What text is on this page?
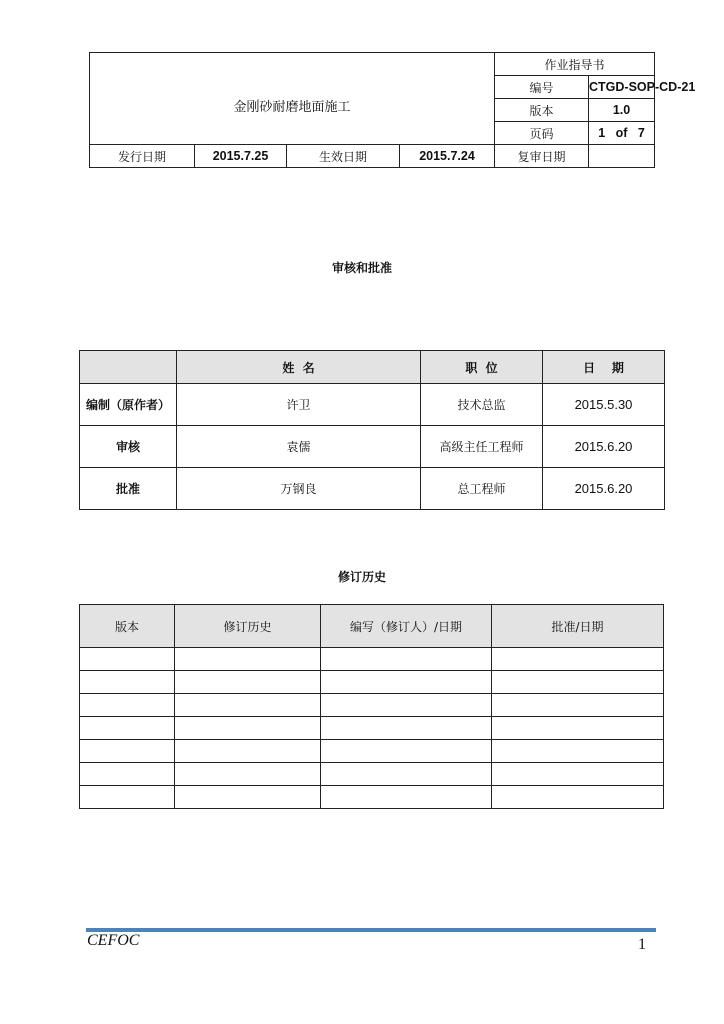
金刚砂耐磨地面施工				作业指导书	
				编号	CTGD-SOP-CD-21
				版本	1.0
				页码	1   of   7
发行日期	2015.7.25	生效日期	2015.7.24	复审日期	
审核和批准
	姓  名	职  位	日    期
编制（原作者）	许卫	技术总监	2015.5.30
审核	袁儒	高级主任工程师	2015.6.20
批准	万钢良	总工程师	2015.6.20
修订历史
版本	修订历史	编写（修订人）/日期	批准/日期

CEFOC	1
